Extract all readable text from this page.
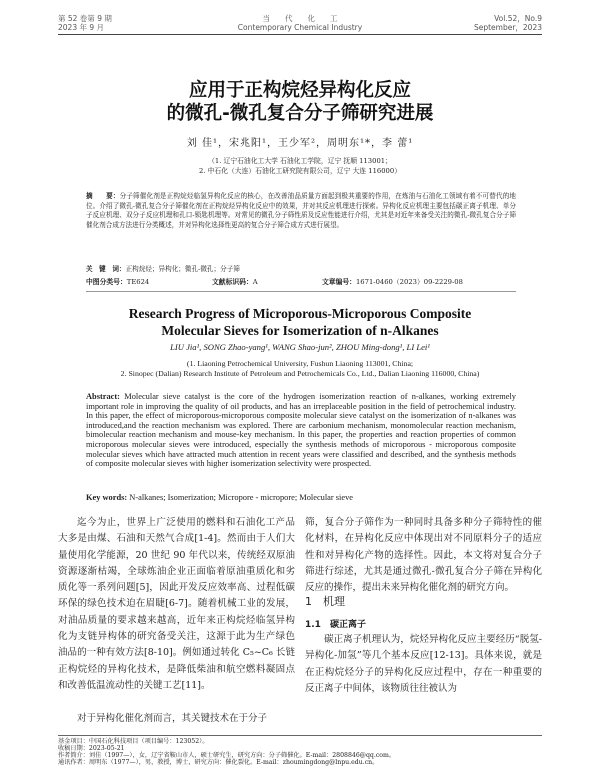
第 52 卷第 9 期
2023 年 9 月
当　　代　　化　　工
Contemporary Chemical Industry
Vol.52，No.9
September，2023
应用于正构烷烃异构化反应
的微孔-微孔复合分子筛研究进展
刘 佳¹，宋兆阳¹，王少军²，周明东¹*，李 蕾¹
（1. 辽宁石油化工大学 石油化工学院，辽宁 抚顺 113001；
2. 中石化（大连）石油化工研究院有限公司，辽宁 大连 116000）
摘　　要：分子筛催化剂是正构烷烃临氢异构化反应的核心，在改善油品质量方面起到极其重要的作用，在炼油与石油化工领域有着不可替代的地位。介绍了微孔-微孔复合分子筛催化剂在正构烷烃异构化反应中的效果，并对其反应机理进行探索。异构化反应机理主要包括碳正离子机理、单分子反应机理、双分子反应机理和孔口-锁匙机理等。对常见的微孔分子筛性质及反应性能进行介绍，尤其是对近年来备受关注的微孔-微孔复合分子筛催化剂合成方法进行分类概述，并对异构化选择性更高的复合分子筛合成方式进行展望。
关　键　词：正构烷烃；异构化；微孔-微孔；分子筛
中图分类号：TE624	文献标识码：A	文章编号：1671-0460（2023）09-2229-08
Research Progress of Microporous-Microporous Composite
Molecular Sieves for Isomerization of n-Alkanes
LIU Jia¹, SONG Zhao-yang¹, WANG Shao-jun², ZHOU Ming-dong¹, LI Lei¹
(1. Liaoning Petrochemical University, Fushun Liaoning 113001, China;
2. Sinopec (Dalian) Research Institute of Petroleum and Petrochemicals Co., Ltd., Dalian Liaoning 116000, China)
Abstract: Molecular sieve catalyst is the core of the hydrogen isomerization reaction of n-alkanes, working extremely important role in improving the quality of oil products, and has an irreplaceable position in the field of petrochemical industry. In this paper, the effect of microporous-microporous composite molecular sieve catalyst on the isomerization of n-alkanes was introduced,and the reaction mechanism was explored. There are carbonium mechanism, monomolecular reaction mechanism, bimolecular reaction mechanism and mouse-key mechanism. In this paper, the properties and reaction properties of common microporous molecular sieves were introduced, especially the synthesis methods of microporous - microporous composite molecular sieves which have attracted much attention in recent years were classified and described, and the synthesis methods of composite molecular sieves with higher isomerization selectivity were prospected.
Key words: N-alkanes; Isomerization; Micropore - micropore; Molecular sieve
迄今为止，世界上广泛使用的燃料和石油化工产品大多是由煤、石油和天然气合成[1-4]。然而由于人们大量使用化学能源，20 世纪 90 年代以来，传统经双原油资源逐渐枯竭，全球炼油企业正面临着原油重质化和劣质化等一系列问题[5]，因此开发反应效率高、过程低碳环保的绿色技术迫在眉睫[6-7]。随着机械工业的发展，对油品质量的要求越来越高，近年来正构烷烃临氢异构化为支链异构体的研究备受关注，这源于此为生产绿色油品的一种有效方法[8-10]。例如通过转化 C₅~C₆ 长链正构烷烃的异构化技术，是降低柴油和航空燃料凝固点和改善低温流动性的关键工艺[11]。
对于异构化催化剂而言，其关键技术在于分子
筛，复合分子筛作为一种同时具备多种分子筛特性的催化材料，在异构化反应中体现出对不同原料分子的适应性和对异构化产物的选择性。因此，本文将对复合分子筛进行综述，尤其是通过微孔-微孔复合分子筛在异构化反应的操作，提出未来异构化催化剂的研究方向。
1  机理
1.1  碳正离子
碳正离子机理认为，烷烃异构化反应主要经历“脱氢-异构化-加氢”等几个基本反应[12-13]。具体来说，就是在正构烷烃分子的异构化反应过程中，存在一种重要的反正离子中间体，该物质往往被认为
基金项目：中国石化科技项目（项目编号：123052）。
收稿日期：2023-05-21
作者简介：刘佳（1997—），女，辽宁省鞍山市人，硕士研究生，研究方向：分子筛催化。E-mail：2808846@qq.com。
通讯作者：周明东（1977—），男，教授，博士，研究方向：催化裂化。E-mail：zhoumingdong@lnpu.edu.cn。
